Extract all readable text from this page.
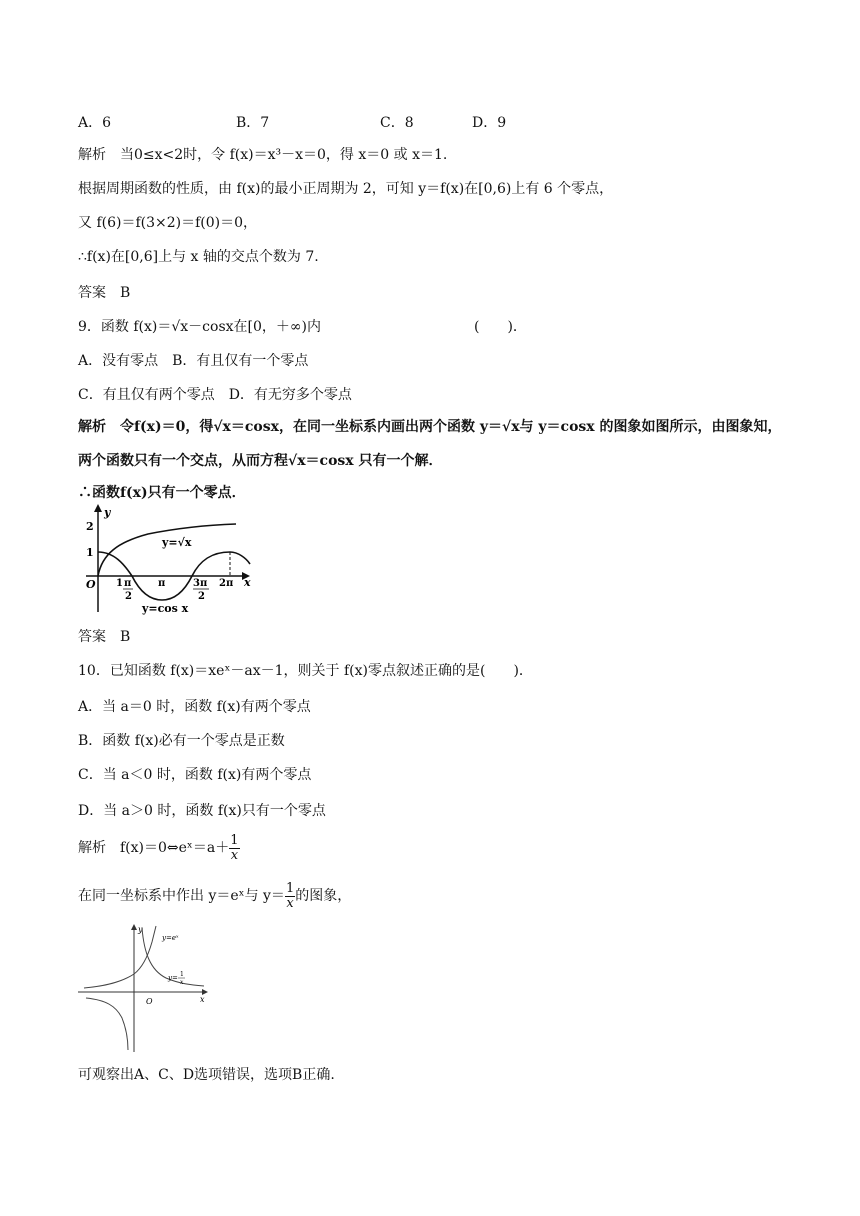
A．6	B．7	C．8	D．9
解析　当0≤x<2时，令 f(x)＝x³－x＝0，得 x＝0 或 x＝1.
根据周期函数的性质，由 f(x)的最小正周期为 2，可知 y＝f(x)在[0,6)上有 6 个零点，
又 f(6)＝f(3×2)＝f(0)＝0，
∴f(x)在[0,6]上与 x 轴的交点个数为 7.
答案　B
9．函数 f(x)＝√x－cosx在[0，＋∞)内	(　　)．
A．没有零点　B．有且仅有一个零点
C．有且仅有两个零点　D．有无穷多个零点
解析　令f(x)＝0，得√x＝cosx，在同一坐标系内画出两个函数 y＝√x与 y＝cosx 的图象如图所示，由图象知，
两个函数只有一个交点，从而方程√x＝cosx 只有一个解．
∴函数f(x)只有一个零点．
y
2
1
O 1 π
2
π	3π
2
2π x
y=√x
y=cos x
答案　B
10．已知函数 f(x)＝xeˣ－ax－1，则关于 f(x)零点叙述正确的是(　　)．
A．当 a＝0 时，函数 f(x)有两个零点
B．函数 f(x)必有一个零点是正数
C．当 a＜0 时，函数 f(x)有两个零点
D．当 a＞0 时，函数 f(x)只有一个零点
解析　f(x)＝0⇔eˣ＝a＋ $\frac{1}{x}$
在同一坐标系中作出 y＝eˣ与 $y= \frac{1}{x}$ 的图象，
y
y=eˣ
y= 1
x
O	x
可观察出A、C、D选项错误，选项B正确.
